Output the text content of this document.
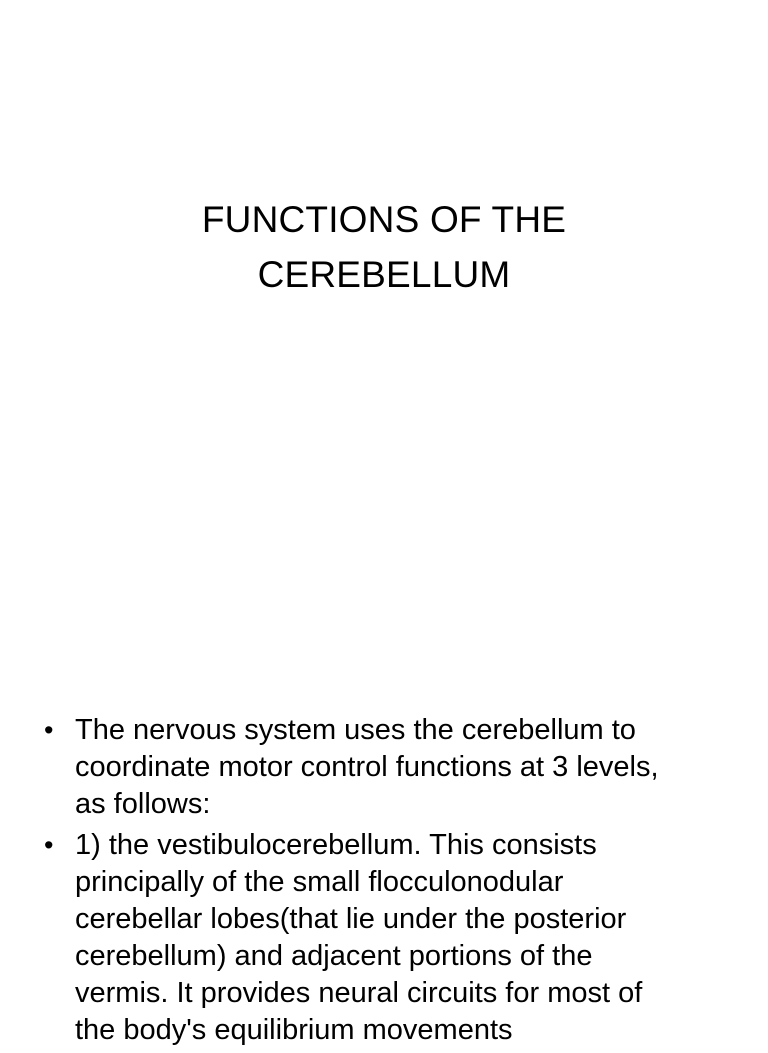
FUNCTIONS OF THE
CEREBELLUM
• The nervous system uses the cerebellum to
coordinate motor control functions at 3 levels,
as follows:
• 1) the vestibulocerebellum. This consists
principally of the small flocculonodular
cerebellar lobes(that lie under the posterior
cerebellum) and adjacent portions of the
vermis. It provides neural circuits for most of
the body's equilibrium movements
